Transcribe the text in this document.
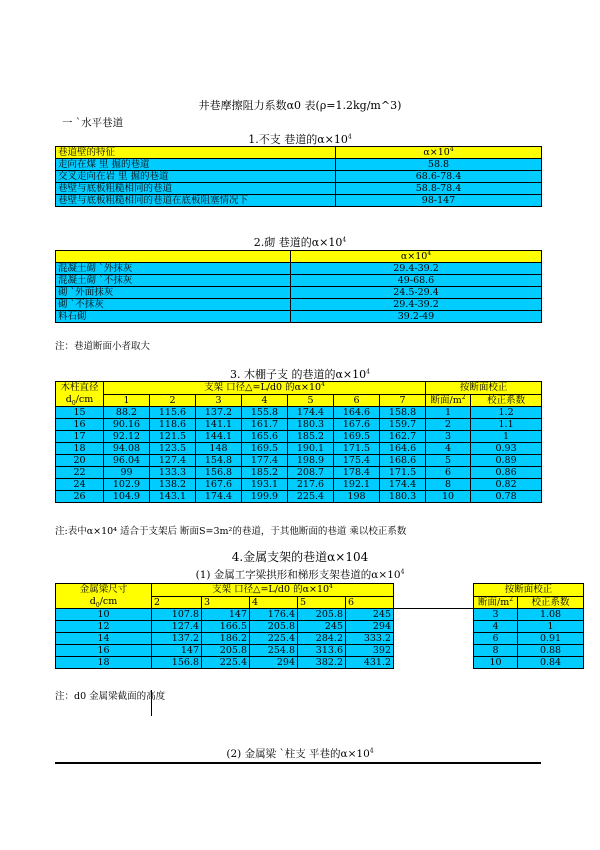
井巷摩擦阻力系数α0 表(ρ=1.2kg/m^3)
一 `水平巷道
1.不支 巷道的$\alpha\times 10^4$
巷道壁的特征	$\alpha\times 10^4$
走向在煤 里 掘的巷道	58.8
交叉走向在岩 里 掘的巷道	68.6-78.4
巷壁与底板粗糙相同的巷道	58.8-78.4
巷壁与底板粗糙相同的巷道在底板阻塞情况下	98-147
2.砌 巷道的$\alpha\times 10^4$
	$\alpha\times 10^4$
混凝土砌 `外抹灰	29.4-39.2
混凝土砌 `不抹灰	49-68.6
砌 `外面抹灰	24.5-29.4
砌 `不抹灰	29.4-39.2
料石砌	39.2-49
注：巷道断面小者取大
3. 木棚子支 的巷道的$\alpha\times 10^4$
木柱直径
$d_0/cm$	支架 口径△=L/d0 的$\alpha\times 10^4$							按断面校正	
	1	2	3	4	5	6	7	断面$/m^2$	校正系数
15	88.2	115.6	137.2	155.8	174.4	164.6	158.8	1	1.2
16	90.16	118.6	141.1	161.7	180.3	167.6	159.7	2	1.1
17	92.12	121.5	144.1	165.6	185.2	169.5	162.7	3	1
18	94.08	123.5	148	169.5	190.1	171.5	164.6	4	0.93
20	96.04	127.4	154.8	177.4	198.9	175.4	168.6	5	0.89
22	99	133.3	156.8	185.2	208.7	178.4	171.5	6	0.86
24	102.9	138.2	167.6	193.1	217.6	192.1	174.4	8	0.82
26	104.9	143.1	174.4	199.9	225.4	198	180.3	10	0.78
注:表中α×10⁴ 适合于支架后 断面S=3m²的巷道，于其他断面的巷道 乘以校正系数
4.金属支架的巷道α×104
(1) 金属工字梁拱形和梯形支架巷道的$\alpha\times 10^4$
金属梁尺寸
$d_0/cm$	支架 口径△=L/d0 的$\alpha\times 10^4$						按断面校正	
	2	3	4	5	6		断面$/m^2$	校正系数
10	107.8	147	176.4	205.8	245		3	1.08
12	127.4	166.5	205.8	245	294		4	1
14	137.2	186.2	225.4	284.2	333.2		6	0.91
16	147	205.8	254.8	313.6	392		8	0.88
18	156.8	225.4	294	382.2	431.2		10	0.84
注：d0 金属梁截面的高度
(2) 金属梁 `柱支 平巷的$\alpha\times 10^4$
